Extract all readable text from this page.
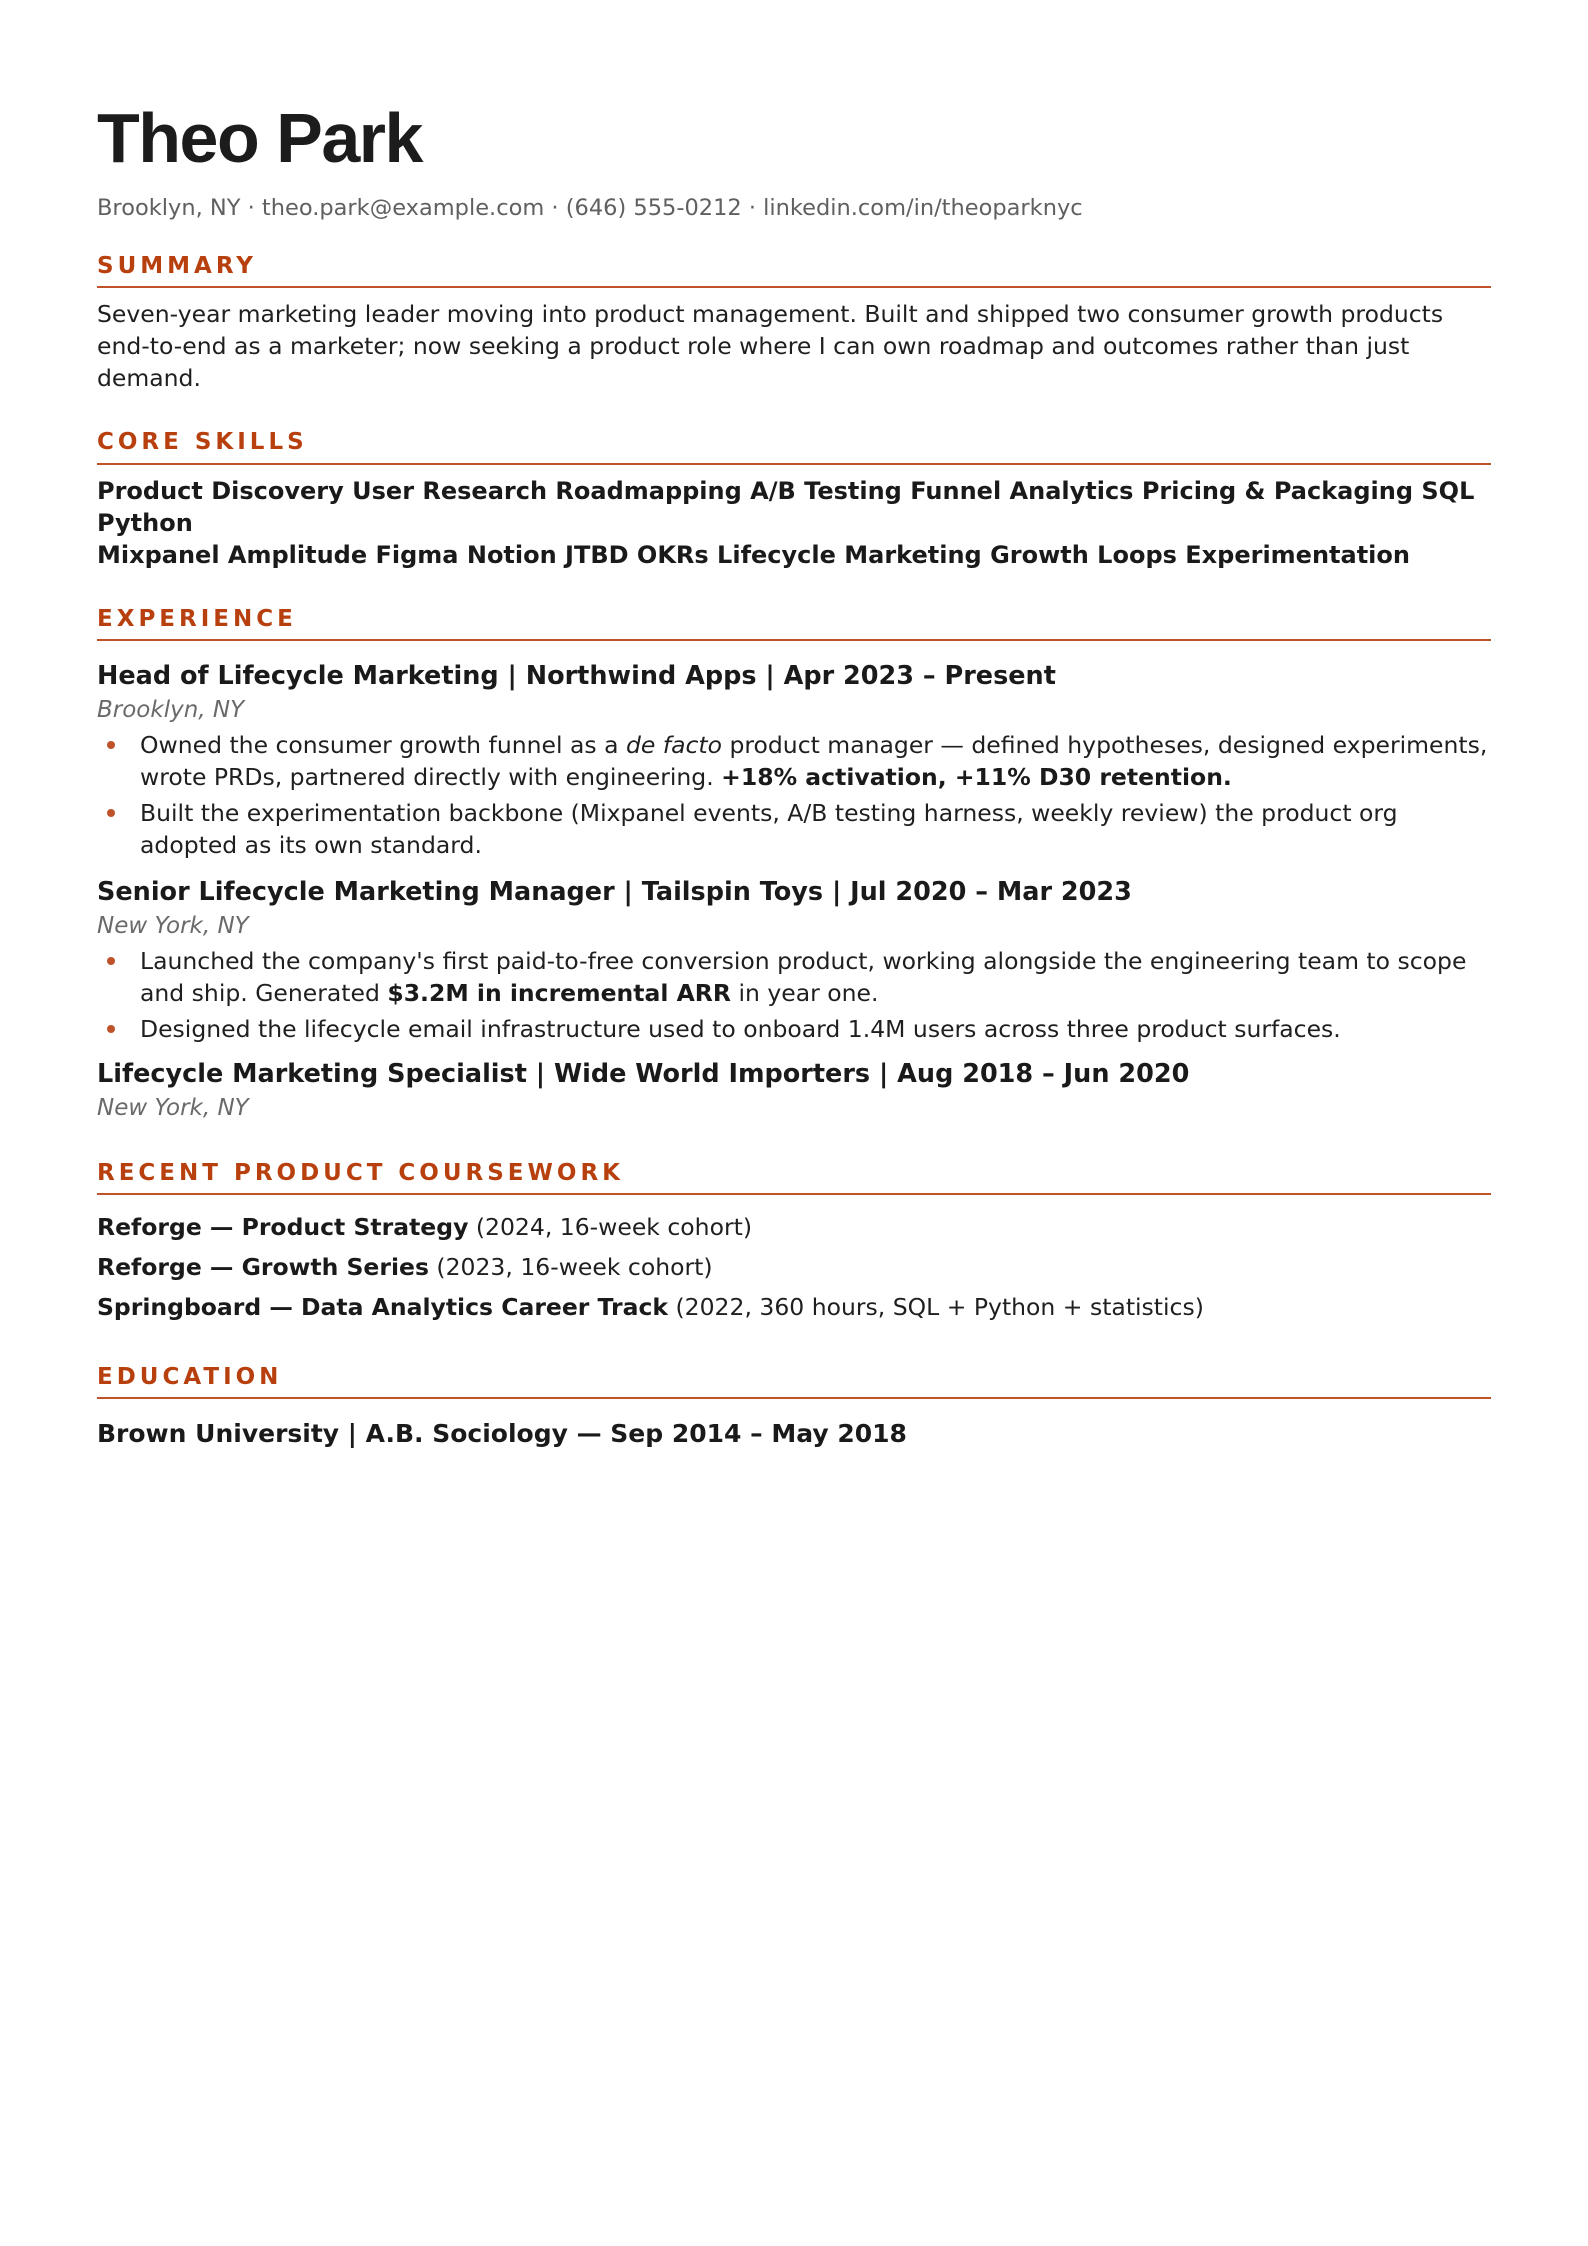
Theo Park
Brooklyn, NY · theo.park@example.com · (646) 555-0212 · linkedin.com/in/theoparknyc
SUMMARY
Seven-year marketing leader moving into product management. Built and shipped two consumer growth products end-to-end as a marketer; now seeking a product role where I can own roadmap and outcomes rather than just demand.
CORE SKILLS
Product Discovery User Research Roadmapping A/B Testing Funnel Analytics Pricing & Packaging SQL Python
Mixpanel Amplitude Figma Notion JTBD OKRs Lifecycle Marketing Growth Loops Experimentation
EXPERIENCE
Head of Lifecycle Marketing | Northwind Apps | Apr 2023 – Present
Brooklyn, NY
Owned the consumer growth funnel as a de facto product manager — defined hypotheses, designed experiments, wrote PRDs, partnered directly with engineering. +18% activation, +11% D30 retention.
Built the experimentation backbone (Mixpanel events, A/B testing harness, weekly review) the product org adopted as its own standard.
Senior Lifecycle Marketing Manager | Tailspin Toys | Jul 2020 – Mar 2023
New York, NY
Launched the company's first paid-to-free conversion product, working alongside the engineering team to scope and ship. Generated $3.2M in incremental ARR in year one.
Designed the lifecycle email infrastructure used to onboard 1.4M users across three product surfaces.
Lifecycle Marketing Specialist | Wide World Importers | Aug 2018 – Jun 2020
New York, NY
RECENT PRODUCT COURSEWORK
Reforge — Product Strategy (2024, 16-week cohort)
Reforge — Growth Series (2023, 16-week cohort)
Springboard — Data Analytics Career Track (2022, 360 hours, SQL + Python + statistics)
EDUCATION
Brown University | A.B. Sociology — Sep 2014 – May 2018
